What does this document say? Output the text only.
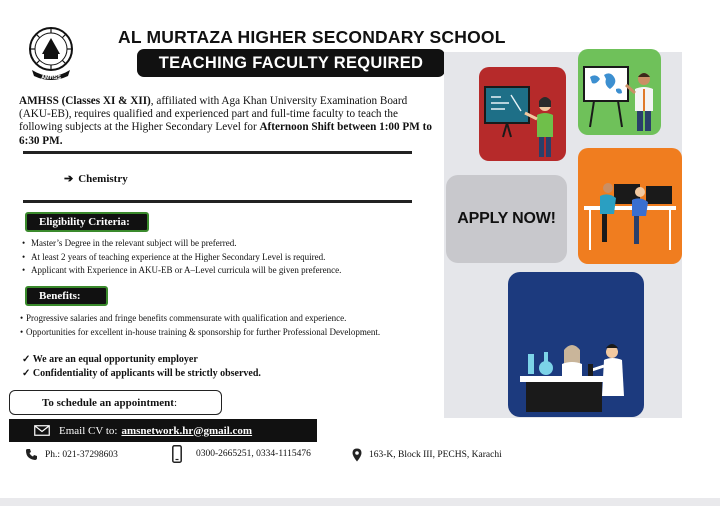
AMHSS
AL MURTAZA HIGHER SECONDARY SCHOOL
TEACHING FACULTY REQUIRED
AMHSS (Classes XI & XII), affiliated with Aga Khan University Examination Board (AKU-EB), requires qualified and experienced part and full-time faculty to teach the following subjects at the Higher Secondary Level for Afternoon Shift between 1:00 PM to 6:30 PM.
➔ Chemistry
Eligibility Criteria:
• Master’s Degree in the relevant subject will be preferred.
• At least 2 years of teaching experience at the Higher Secondary Level is required.
• Applicant with Experience in AKU-EB or A–Level curricula will be given preference.
Benefits:
• Progressive salaries and fringe benefits commensurate with qualification and experience.
• Opportunities for excellent in-house training & sponsorship for further Professional Development.
✓ We are an equal opportunity employer
✓ Confidentiality of applicants will be strictly observed.
To schedule an appointment :
Email CV to: amsnetwork.hr@gmail.com
Ph.: 021-37298603	0300-2665251, 0334-1115476	163-K, Block III, PECHS, Karachi
APPLY NOW!
